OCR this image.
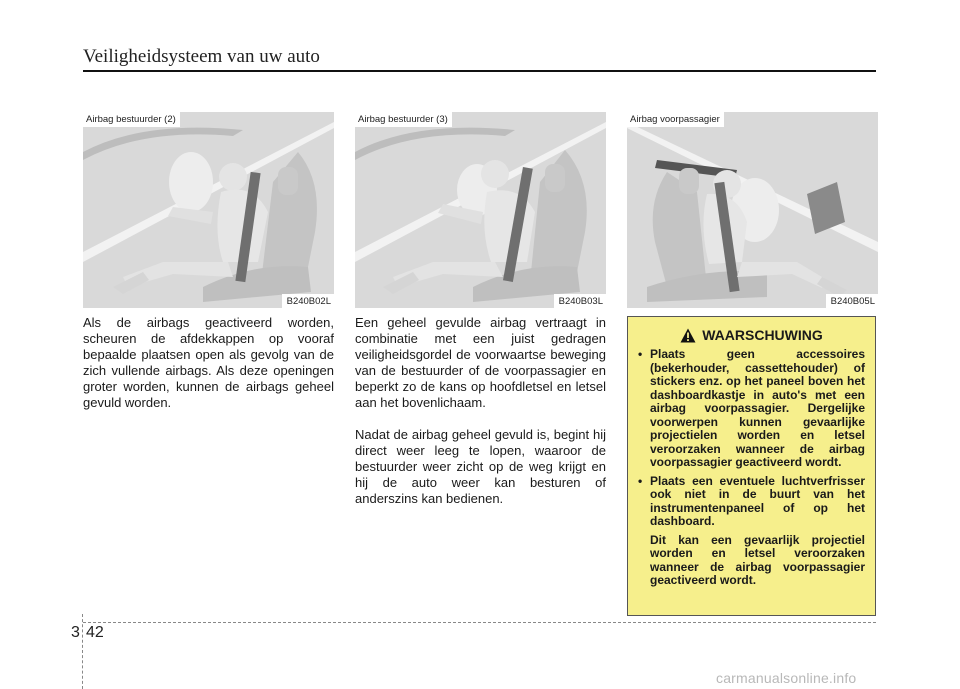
Veiligheidsysteem van uw auto
Airbag bestuurder (2)
B240B02L
Airbag bestuurder (3)
B240B03L
Airbag voorpassagier
B240B05L

Als de airbags geactiveerd worden, scheuren de afdekkappen op vooraf bepaalde plaatsen open als gevolg van de zich vullende airbags. Als deze openingen groter worden, kunnen de airbags geheel gevuld worden.

Een geheel gevulde airbag vertraagt in combinatie met een juist gedragen veiligheidsgordel de voorwaartse beweging van de bestuurder of de voorpassagier en beperkt zo de kans op hoofdletsel en letsel aan het bovenlichaam.

Nadat de airbag geheel gevuld is, begint hij direct weer leeg te lopen, waaroor de bestuurder weer zicht op de weg krijgt en hij de auto weer kan besturen of anderszins kan bedienen.

WAARSCHUWING

• Plaats geen accessoires (bekerhouder, cassettehouder) of stickers enz. op het paneel boven het dashboardkastje in auto's met een airbag voorpassagier. Dergelijke voorwerpen kunnen gevaarlijke projectielen worden en letsel veroorzaken wanneer de airbag voorpassagier geactiveerd wordt.

• Plaats een eventuele luchtverfrisser ook niet in de buurt van het instrumentenpaneel of op het dashboard.

Dit kan een gevaarlijk projectiel worden en letsel veroorzaken wanneer de airbag voorpassagier geactiveerd wordt.

3 42
carmanualsonline.info
